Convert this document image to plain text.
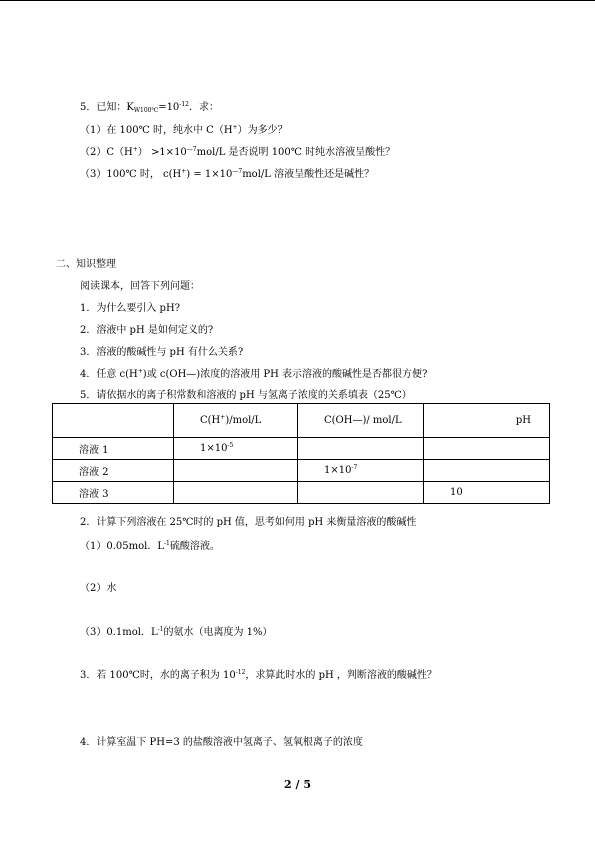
5．已知：$K_{W100℃}=10^{-12}$．求：
（1）在 100℃ 时，纯水中 C（H+）为多少？
$(2)C(H^+) >1\times 10^{—7}mol/L$ 是否说明 100℃ 时纯水溶液呈酸性？
（3）100℃ 时， $c(H^+) = 1\times 10^{—7}mol/L$ 溶液呈酸性还是碱性？
二、知识整理
阅读课本，回答下列问题：
1．为什么要引入 pH?
2．溶液中 pH 是如何定义的?
3．溶液的酸碱性与 pH 有什么关系?
4．任意 c(H+)或 c(OH—)浓度的溶液用 PH 表示溶液的酸碱性是否都很方便?
5．请依据水的离子积常数和溶液的 pH 与氢离子浓度的关系填表（25℃）
	C(H+)/mol/L	C(OH—)/ mol/L	pH
溶液 1	$1\times 10^{-5}$		
溶液 2		$1\times 10^{-7}$	
溶液 3			10
2．计算下列溶液在 25℃时的 pH 值，思考如何用 pH 来衡量溶液的酸碱性
（1）0.05mol．$L^{-1}$硫酸溶液。
（2）水
（3）0.1mol．$L^{-1}$的氨水（电离度为 1%）
3．若 100℃时，水的离子积为 $10^{-12}$，求算此时水的 pH ，判断溶液的酸碱性？
4．计算室温下 PH=3 的盐酸溶液中氢离子、氢氧根离子的浓度
2 / 5
